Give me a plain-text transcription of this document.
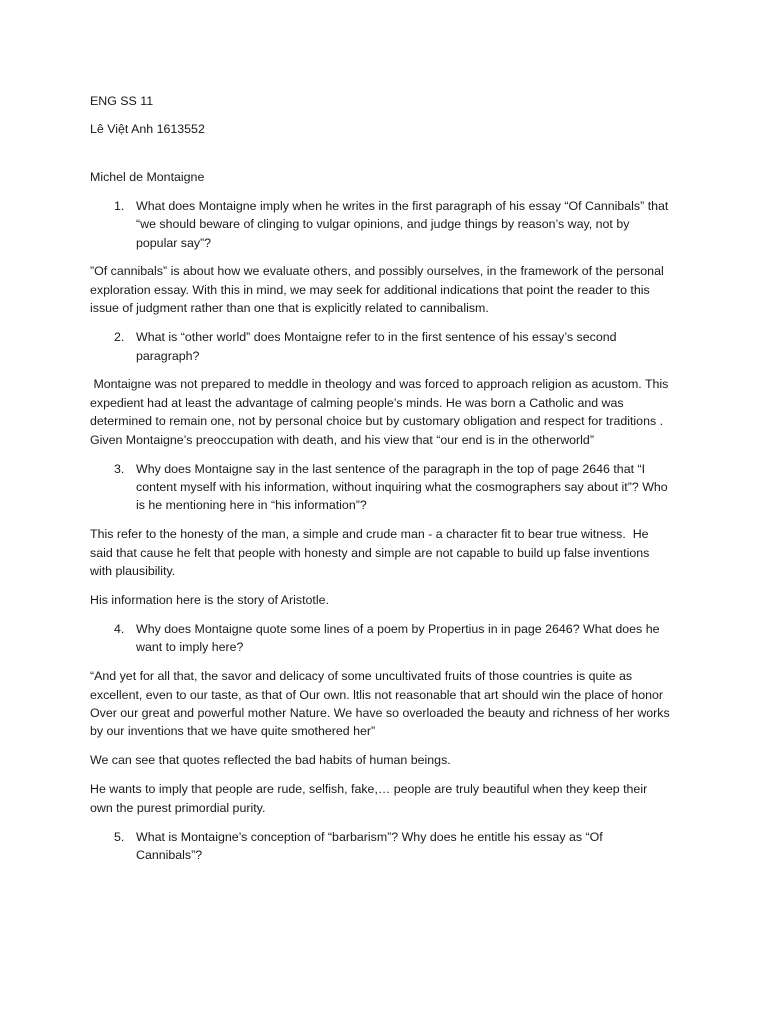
ENG SS 11

Lê Việt Anh 1613552

Michel de Montaigne

1. What does Montaigne imply when he writes in the first paragraph of his essay “Of Cannibals” that “we should beware of clinging to vulgar opinions, and judge things by reason’s way, not by popular say”?

”Of cannibals” is about how we evaluate others, and possibly ourselves, in the framework of the personal exploration essay. With this in mind, we may seek for additional indications that point the reader to this issue of judgment rather than one that is explicitly related to cannibalism.

2. What is “other world” does Montaigne refer to in the first sentence of his essay’s second paragraph?

Montaigne was not prepared to meddle in theology and was forced to approach religion as acustom. This expedient had at least the advantage of calming people’s minds. He was born a Catholic and was determined to remain one, not by personal choice but by customary obligation and respect for traditions . Given Montaigne’s preoccupation with death, and his view that “our end is in the otherworld”

3. Why does Montaigne say in the last sentence of the paragraph in the top of page 2646 that “I content myself with his information, without inquiring what the cosmographers say about it”? Who is he mentioning here in “his information”?

This refer to the honesty of the man, a simple and crude man - a character fit to bear true witness.  He said that cause he felt that people with honesty and simple are not capable to build up false inventions with plausibility.

His information here is the story of Aristotle.

4. Why does Montaigne quote some lines of a poem by Propertius in in page 2646? What does he want to imply here?

“And yet for all that, the savor and delicacy of some uncultivated fruits of those countries is quite as excellent, even to our taste, as that of Our own. ltlis not reasonable that art should win the place of honor Over our great and powerful mother Nature. We have so overloaded the beauty and richness of her works by our inventions that we have quite smothered her”

We can see that quotes reflected the bad habits of human beings.

He wants to imply that people are rude, selfish, fake,… people are truly beautiful when they keep their own the purest primordial purity.

5. What is Montaigne’s conception of “barbarism”? Why does he entitle his essay as “Of Cannibals”?
